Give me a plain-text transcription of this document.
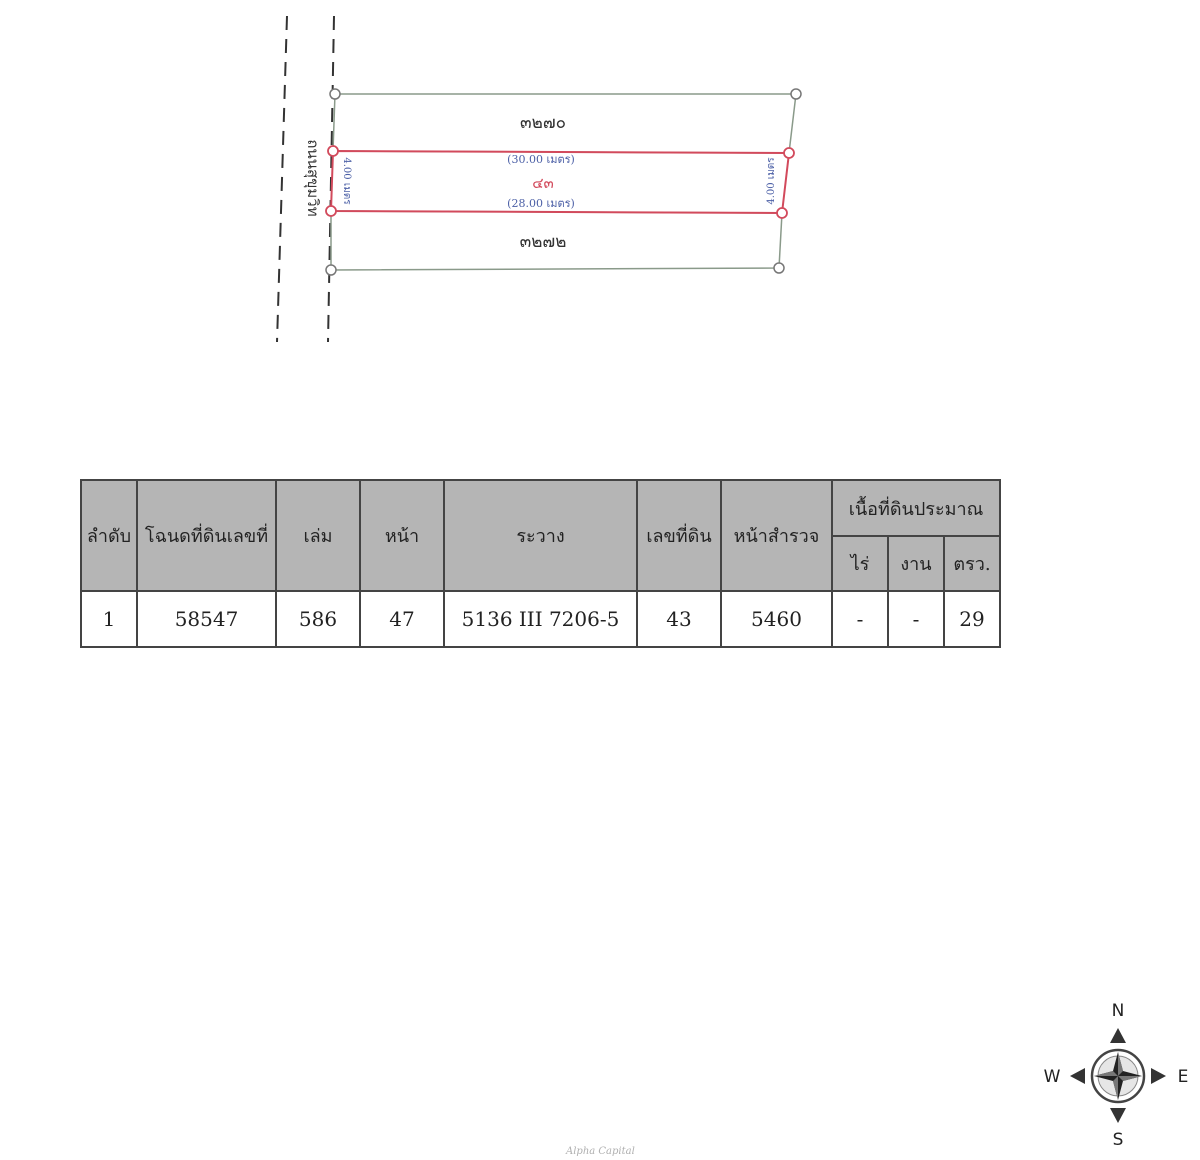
ถนนสุขุมวิท
๓๒๗๐
๓๒๗๒
๔๓
(30.00 เมตร)
(28.00 เมตร)
4.00 เมตร	4.00 เมตร
ลำดับ	โฉนดที่ดินเลขที่	เล่ม	หน้า	ระวาง	เลขที่ดิน	หน้าสำรวจ	เนื้อที่ดินประมาณ		
							ไร่	งาน	ตรว.
1	58547	586	47	5136 III 7206-5	43	5460	-	-	29
N
S
W	E
Alpha Capital
